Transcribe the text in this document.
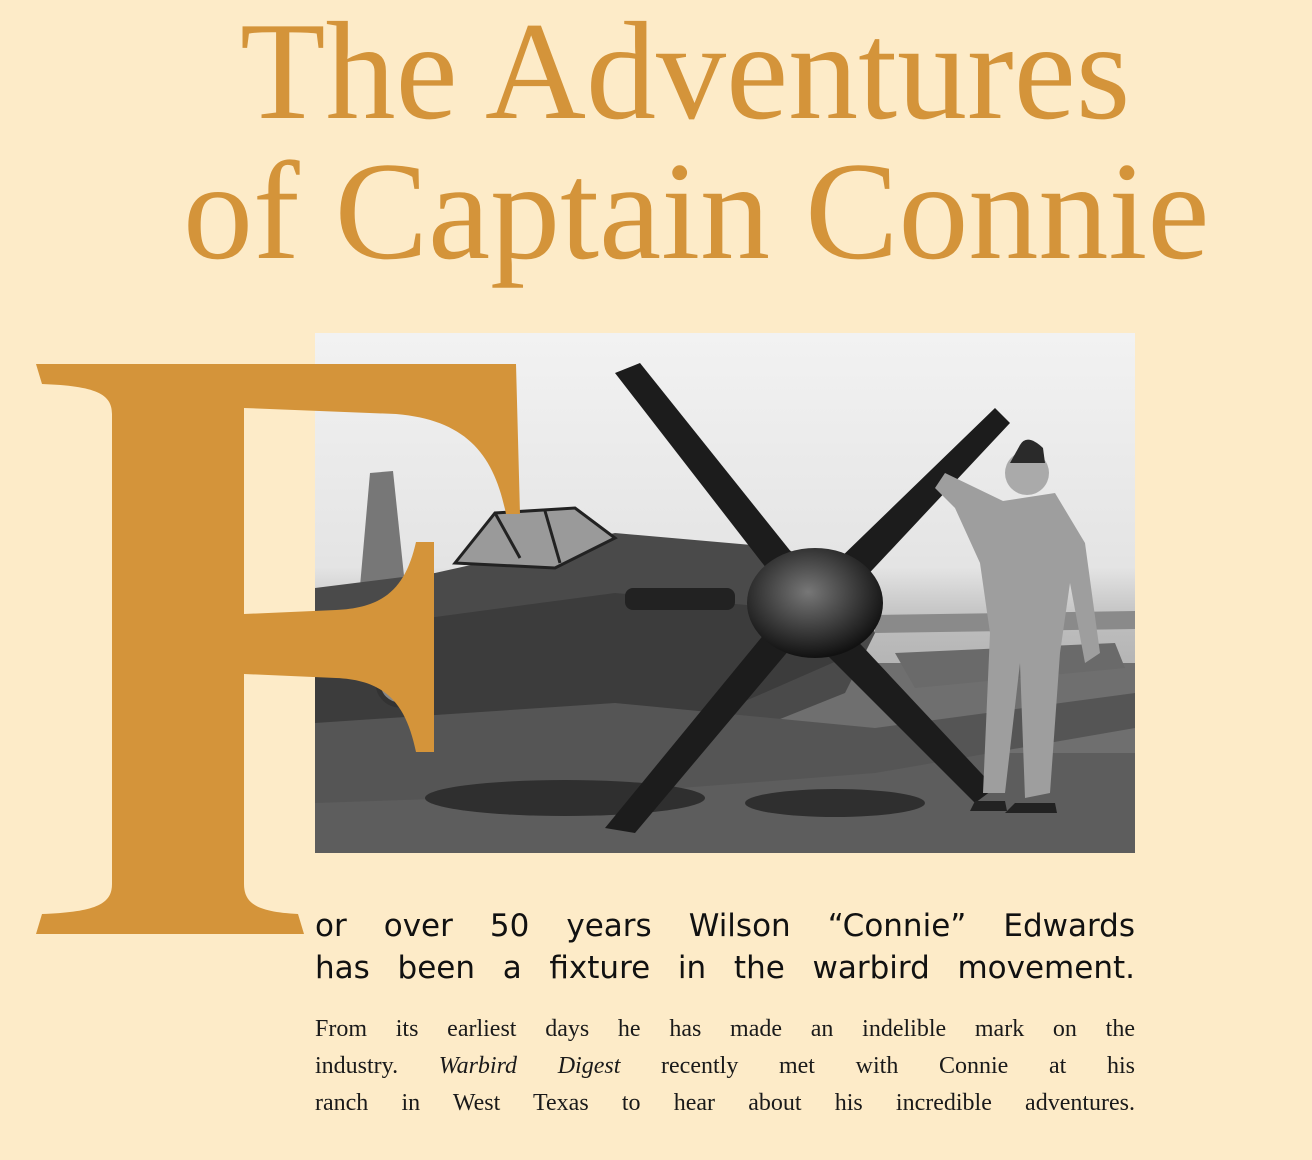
The Adventures
of Captain Connie

or over 50 years Wilson “Connie” Edwards
has been a fixture in the warbird movement.

From its earliest days he has made an indelible mark on the
industry. Warbird Digest recently met with Connie at his
ranch in West Texas to hear about his incredible adventures.
